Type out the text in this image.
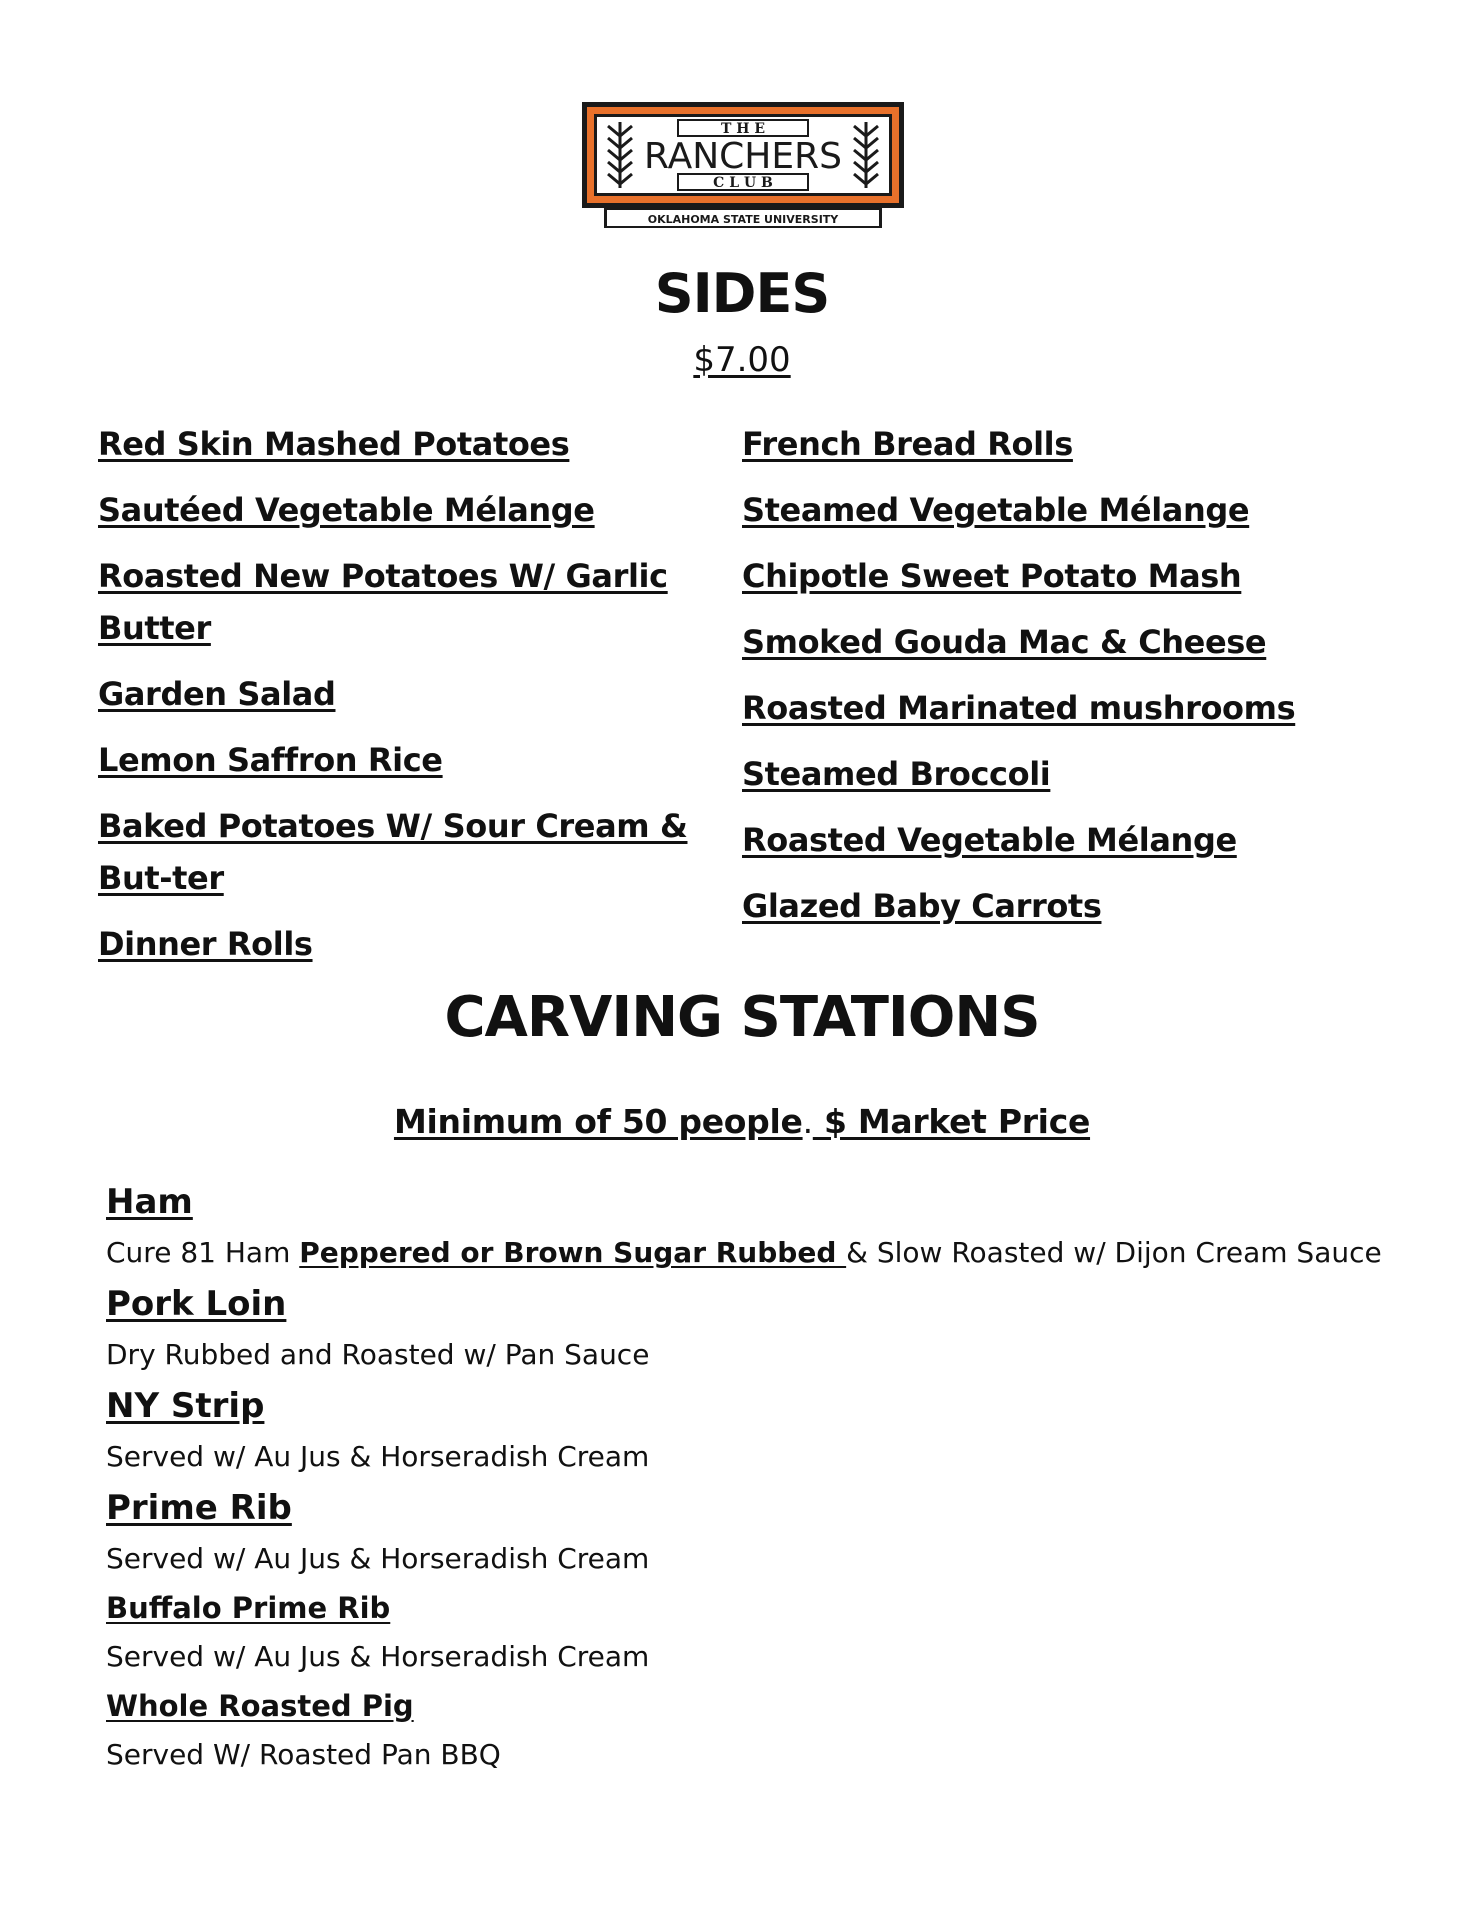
T H E
RANCHERS
C L U B
OKLAHOMA STATE UNIVERSITY
SIDES
$7.00
Red Skin Mashed Potatoes
Sautéed Vegetable Mélange
Roasted New Potatoes W/ Garlic Butter
Garden Salad
Lemon Saffron Rice
Baked Potatoes W/ Sour Cream & But-ter
Dinner Rolls
French Bread Rolls
Steamed Vegetable Mélange
Chipotle Sweet Potato Mash
Smoked Gouda Mac & Cheese
Roasted Marinated mushrooms
Steamed Broccoli
Roasted Vegetable Mélange
Glazed Baby Carrots
CARVING STATIONS
Minimum of 50 people. $ Market Price
Ham
Cure 81 Ham Peppered or Brown Sugar Rubbed & Slow Roasted w/ Dijon Cream Sauce
Pork Loin
Dry Rubbed and Roasted w/ Pan Sauce
NY Strip
Served w/ Au Jus & Horseradish Cream
Prime Rib
Served w/ Au Jus & Horseradish Cream
Buffalo Prime Rib
Served w/ Au Jus & Horseradish Cream
Whole Roasted Pig
Served W/ Roasted Pan BBQ
